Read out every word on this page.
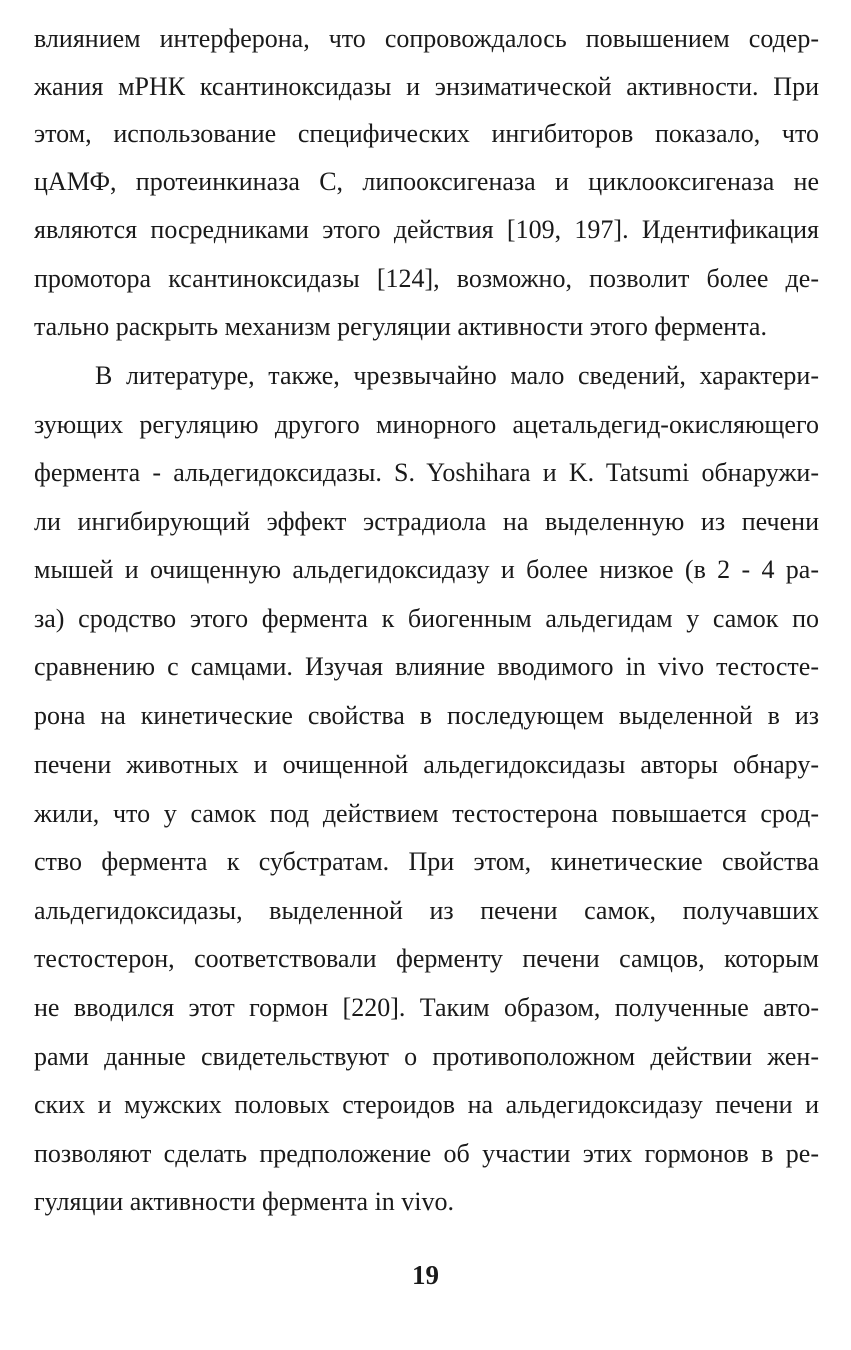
влиянием интерферона, что сопровождалось повышением содер-
жания мРНК ксантиноксидазы и энзиматической активности. При
этом, использование специфических ингибиторов показало, что
цАМФ, протеинкиназа С, липооксигеназа и циклооксигеназа не
являются посредниками этого действия [109, 197]. Идентификация
промотора ксантиноксидазы [124], возможно, позволит более де-
тально раскрыть механизм регуляции активности этого фермента.
В литературе, также, чрезвычайно мало сведений, характери-
зующих регуляцию другого минорного ацетальдегид-окисляющего
фермента - альдегидоксидазы. S. Yoshihara и K. Tatsumi обнаружи-
ли ингибирующий эффект эстрадиола на выделенную из печени
мышей и очищенную альдегидоксидазу и более низкое (в 2 - 4 ра-
за) сродство этого фермента к биогенным альдегидам у самок по
сравнению с самцами. Изучая влияние вводимого in vivo тестосте-
рона на кинетические свойства в последующем выделенной в из
печени животных и очищенной альдегидоксидазы авторы обнару-
жили, что у самок под действием тестостерона повышается срод-
ство фермента к субстратам. При этом, кинетические свойства
альдегидоксидазы, выделенной из печени самок, получавших
тестостерон, соответствовали ферменту печени самцов, которым
не вводился этот гормон [220]. Таким образом, полученные авто-
рами данные свидетельствуют о противоположном действии жен-
ских и мужских половых стероидов на альдегидоксидазу печени и
позволяют сделать предположение об участии этих гормонов в ре-
гуляции активности фермента in vivo.
19
